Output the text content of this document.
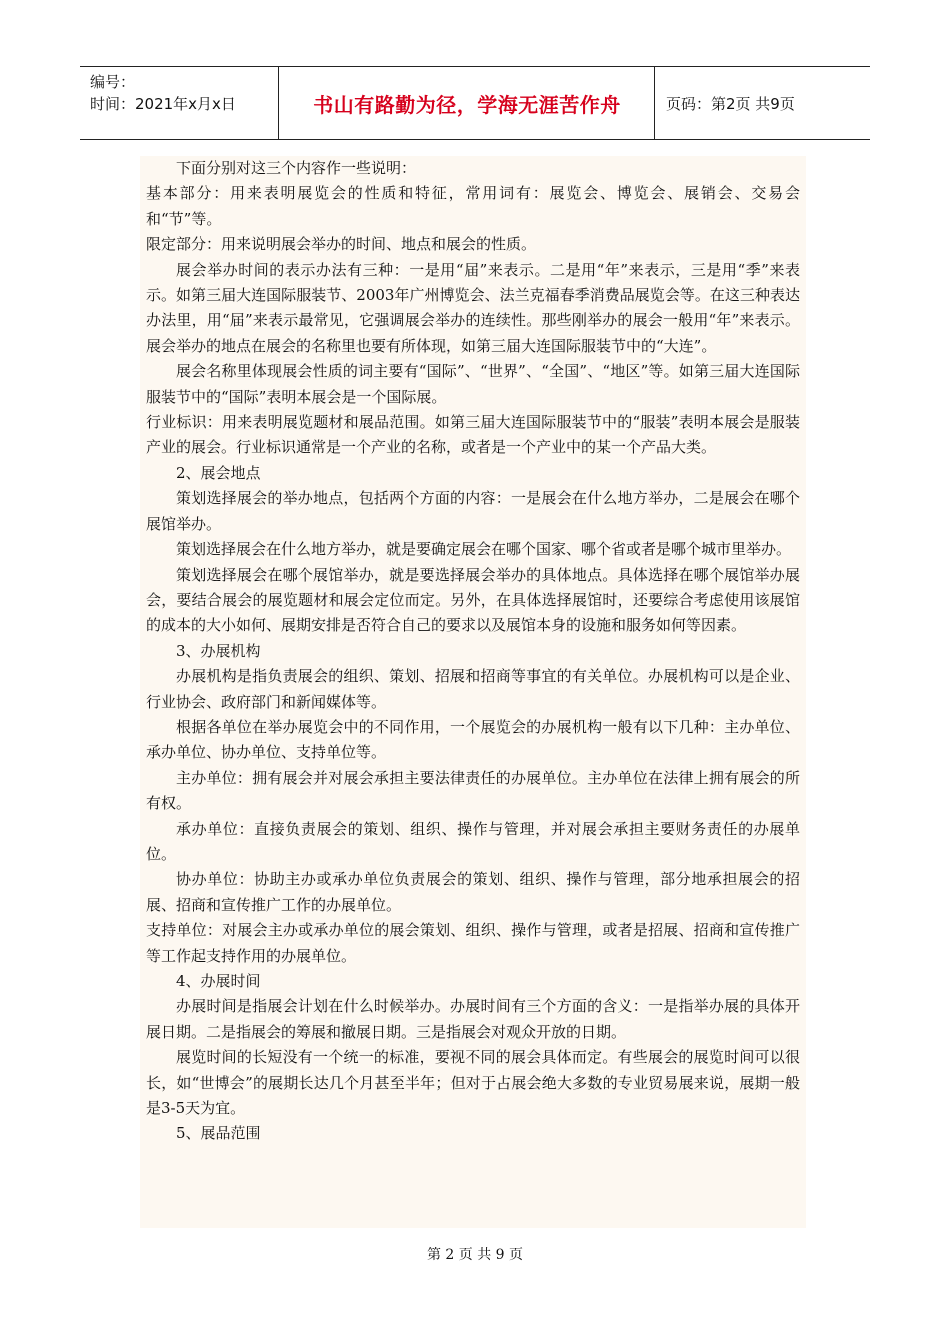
编号：
时间：2021年x月x日	书山有路勤为径，学海无涯苦作舟	页码：第2页 共9页

下面分别对这三个内容作一些说明：

基本部分：用来表明展览会的性质和特征，常用词有：展览会、博览会、展销会、交易会和“节”等。

限定部分：用来说明展会举办的时间、地点和展会的性质。

展会举办时间的表示办法有三种：一是用“届”来表示。二是用“年”来表示，三是用“季”来表示。如第三届大连国际服装节、2003年广州博览会、法兰克福春季消费品展览会等。在这三种表达办法里，用“届”来表示最常见，它强调展会举办的连续性。那些刚举办的展会一般用“年”来表示。展会举办的地点在展会的名称里也要有所体现，如第三届大连国际服装节中的“大连”。

展会名称里体现展会性质的词主要有“国际”、“世界”、“全国”、“地区”等。如第三届大连国际服装节中的“国际”表明本展会是一个国际展。

行业标识：用来表明展览题材和展品范围。如第三届大连国际服装节中的“服装”表明本展会是服装产业的展会。行业标识通常是一个产业的名称，或者是一个产业中的某一个产品大类。

2、展会地点

策划选择展会的举办地点，包括两个方面的内容：一是展会在什么地方举办，二是展会在哪个展馆举办。

策划选择展会在什么地方举办，就是要确定展会在哪个国家、哪个省或者是哪个城市里举办。

策划选择展会在哪个展馆举办，就是要选择展会举办的具体地点。具体选择在哪个展馆举办展会，要结合展会的展览题材和展会定位而定。另外，在具体选择展馆时，还要综合考虑使用该展馆的成本的大小如何、展期安排是否符合自己的要求以及展馆本身的设施和服务如何等因素。

3、办展机构

办展机构是指负责展会的组织、策划、招展和招商等事宜的有关单位。办展机构可以是企业、行业协会、政府部门和新闻媒体等。

根据各单位在举办展览会中的不同作用，一个展览会的办展机构一般有以下几种：主办单位、承办单位、协办单位、支持单位等。

主办单位：拥有展会并对展会承担主要法律责任的办展单位。主办单位在法律上拥有展会的所有权。

承办单位：直接负责展会的策划、组织、操作与管理，并对展会承担主要财务责任的办展单位。

协办单位：协助主办或承办单位负责展会的策划、组织、操作与管理，部分地承担展会的招展、招商和宣传推广工作的办展单位。

支持单位：对展会主办或承办单位的展会策划、组织、操作与管理，或者是招展、招商和宣传推广等工作起支持作用的办展单位。

4、办展时间

办展时间是指展会计划在什么时候举办。办展时间有三个方面的含义：一是指举办展的具体开展日期。二是指展会的筹展和撤展日期。三是指展会对观众开放的日期。

展览时间的长短没有一个统一的标准，要视不同的展会具体而定。有些展会的展览时间可以很长，如“世博会”的展期长达几个月甚至半年；但对于占展会绝大多数的专业贸易展来说，展期一般是3-5天为宜。

5、展品范围

第 2 页 共 9 页
